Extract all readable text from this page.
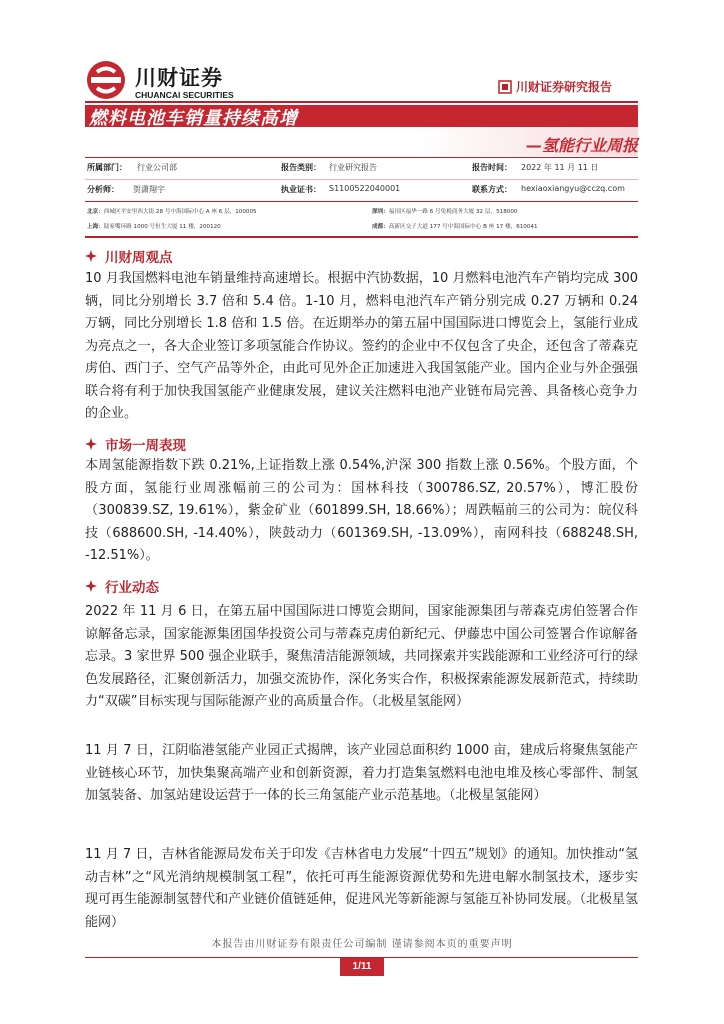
川财证券
CHUANCAI SECURITIES
川财证券研究报告
燃料电池车销量持续高增
—氢能行业周报
所属部门： 行业公司部	报告类别： 行业研究报告	报告时间： 2022 年 11 月 11 日
分析师： 贺潇翔宇	执业证书： S1100522040001	联系方式： hexiaoxiangyu@cczq.com
北京：西城区平安里西大街 28 号中海国际中心 A 座 6 层，100005	深圳：福田区福华一路 6 号免税商务大厦 32 层，518000
上海：陆家嘴环路 1000 号恒生大厦 11 楼，200120	成都：高新区交子大道 177 号中海国际中心 B 座 17 楼，610041
川财周观点

10 月我国燃料电池车销量维持高速增长。根据中汽协数据，10 月燃料电池汽车产销均完成 300 辆，同比分别增长 3.7 倍和 5.4 倍。1-10 月，燃料电池汽车产销分别完成 0.27 万辆和 0.24 万辆，同比分别增长 1.8 倍和 1.5 倍。在近期举办的第五届中国国际进口博览会上，氢能行业成为亮点之一，各大企业签订多项氢能合作协议。签约的企业中不仅包含了央企，还包含了蒂森克虏伯、西门子、空气产品等外企，由此可见外企正加速进入我国氢能产业。国内企业与外企强强联合将有利于加快我国氢能产业健康发展，建议关注燃料电池产业链布局完善、具备核心竞争力的企业。

市场一周表现

本周氢能源指数下跌 0.21%,上证指数上涨 0.54%,沪深 300 指数上涨 0.56%。个股方面，个股方面，氢能行业周涨幅前三的公司为：国林科技（300786.SZ, 20.57%），博汇股份（300839.SZ, 19.61%），紫金矿业（601899.SH, 18.66%）；周跌幅前三的公司为：皖仪科技（688600.SH, -14.40%），陕鼓动力（601369.SH, -13.09%），南网科技（688248.SH, -12.51%）。

行业动态

2022 年 11 月 6 日，在第五届中国国际进口博览会期间，国家能源集团与蒂森克虏伯签署合作谅解备忘录，国家能源集团国华投资公司与蒂森克虏伯新纪元、伊藤忠中国公司签署合作谅解备忘录。3 家世界 500 强企业联手，聚焦清洁能源领域，共同探索并实践能源和工业经济可行的绿色发展路径，汇聚创新活力，加强交流协作，深化务实合作，积极探索能源发展新范式，持续助力“双碳”目标实现与国际能源产业的高质量合作。（北极星氢能网）

11 月 7 日，江阴临港氢能产业园正式揭牌，该产业园总面积约 1000 亩，建成后将聚焦氢能产业链核心环节，加快集聚高端产业和创新资源，着力打造集氢燃料电池电堆及核心零部件、制氢加氢装备、加氢站建设运营于一体的长三角氢能产业示范基地。（北极星氢能网）

11 月 7 日，吉林省能源局发布关于印发《吉林省电力发展“十四五”规划》的通知。加快推动“氢动吉林”之“风光消纳规模制氢工程”，依托可再生能源资源优势和先进电解水制氢技术，逐步实现可再生能源制氢替代和产业链价值链延伸，促进风光等新能源与氢能互补协同发展。（北极星氢能网）

本报告由川财证券有限责任公司编制 谨请参阅本页的重要声明
1/11
